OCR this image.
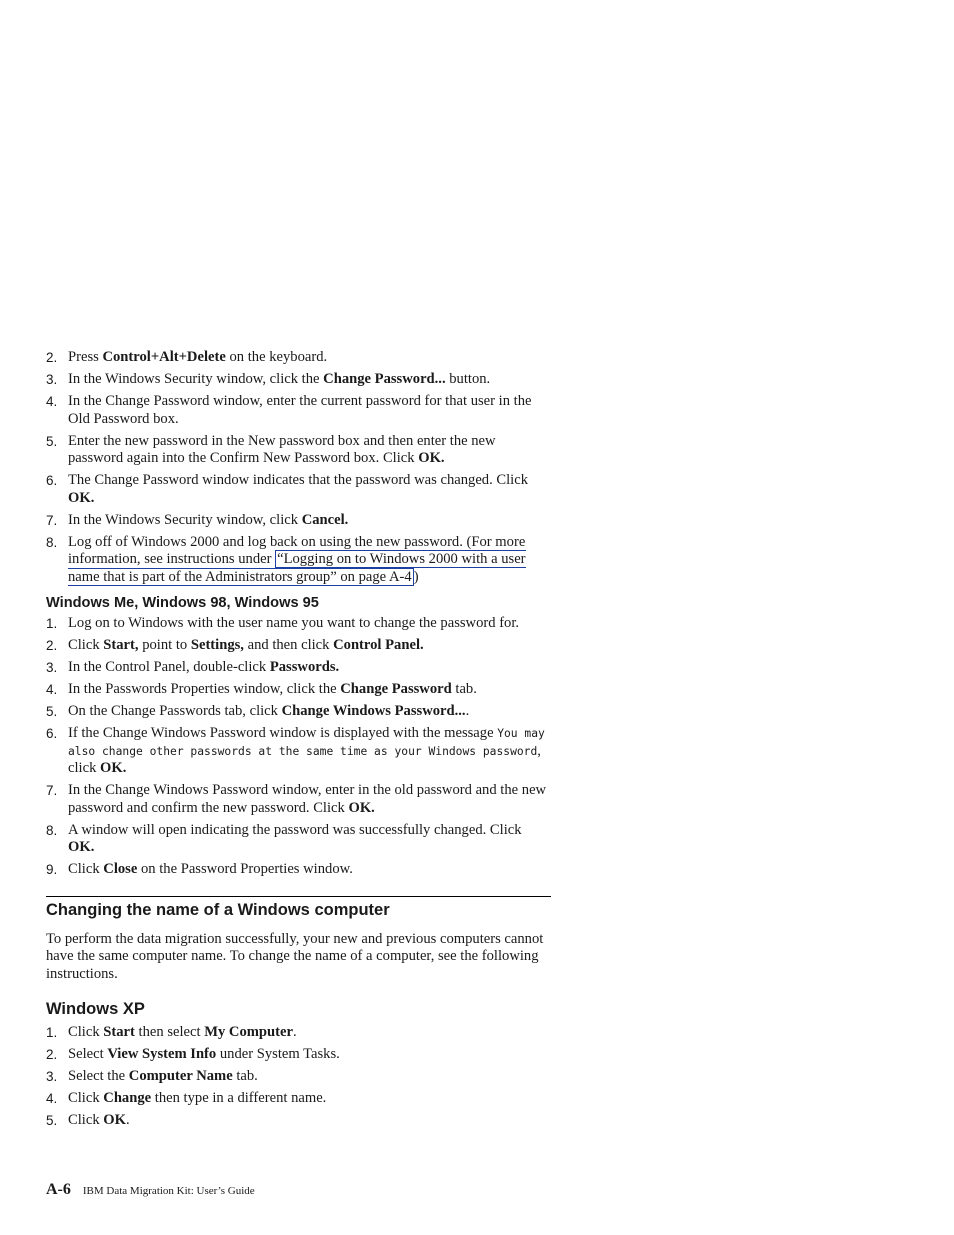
2. Press Control+Alt+Delete on the keyboard.
3. In the Windows Security window, click the Change Password... button.
4. In the Change Password window, enter the current password for that user in the Old Password box.
5. Enter the new password in the New password box and then enter the new password again into the Confirm New Password box. Click OK.
6. The Change Password window indicates that the password was changed. Click OK.
7. In the Windows Security window, click Cancel.
8. Log off of Windows 2000 and log back on using the new password. (For more information, see instructions under “Logging on to Windows 2000 with a user name that is part of the Administrators group” on page A-4 )
Windows Me, Windows 98, Windows 95
1. Log on to Windows with the user name you want to change the password for.
2. Click Start, point to Settings, and then click Control Panel.
3. In the Control Panel, double-click Passwords.
4. In the Passwords Properties window, click the Change Password tab.
5. On the Change Passwords tab, click Change Windows Password....
6. If the Change Windows Password window is displayed with the message You may also change other passwords at the same time as your Windows password, click OK.
7. In the Change Windows Password window, enter in the old password and the new password and confirm the new password. Click OK.
8. A window will open indicating the password was successfully changed. Click OK.
9. Click Close on the Password Properties window.
Changing the name of a Windows computer

To perform the data migration successfully, your new and previous computers cannot have the same computer name. To change the name of a computer, see the following instructions.

Windows XP
1. Click Start then select My Computer.
2. Select View System Info under System Tasks.
3. Select the Computer Name tab.
4. Click Change then type in a different name.
5. Click OK.
A-6 IBM Data Migration Kit: User’s Guide
